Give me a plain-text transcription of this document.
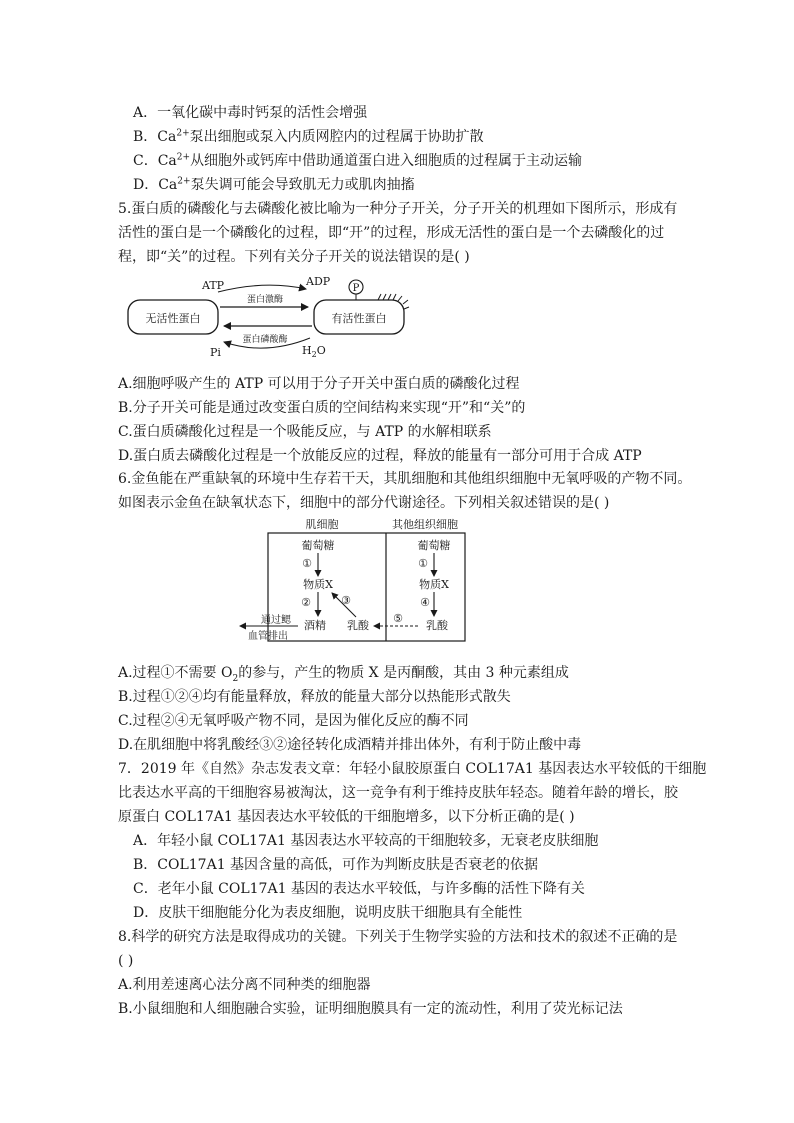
A．一氧化碳中毒时钙泵的活性会增强
B．$Ca^{2+}$泵出细胞或泵入内质网腔内的过程属于协助扩散
C．$Ca^{2+}$从细胞外或钙库中借助通道蛋白进入细胞质的过程属于主动运输
D．$Ca^{2+}$泵失调可能会导致肌无力或肌肉抽搐
5.蛋白质的磷酸化与去磷酸化被比喻为一种分子开关，分子开关的机理如下图所示，形成有
活性的蛋白是一个磷酸化的过程，即“开”的过程，形成无活性的蛋白是一个去磷酸化的过
程，即“关”的过程。下列有关分子开关的说法错误的是( )
无活性蛋白	有活性蛋白
P
ATP	ADP
蛋白激酶
蛋白磷酸酶
Pi	$H_2O$
A.细胞呼吸产生的 ATP 可以用于分子开关中蛋白质的磷酸化过程
B.分子开关可能是通过改变蛋白质的空间结构来实现“开”和“关”的
C.蛋白质磷酸化过程是一个吸能反应，与 ATP 的水解相联系
D.蛋白质去磷酸化过程是一个放能反应的过程，释放的能量有一部分可用于合成 ATP
6.金鱼能在严重缺氧的环境中生存若干天，其肌细胞和其他组织细胞中无氧呼吸的产物不同。
如图表示金鱼在缺氧状态下，细胞中的部分代谢途径。下列相关叙述错误的是( )
肌细胞	其他组织细胞
葡萄糖
①
物质X
②
酒精
③
乳酸
通过鳃
血管排出
葡萄糖
①
物质X
④
乳酸
⑤
A.过程①不需要 $O_2$的参与，产生的物质 X 是丙酮酸，其由 3 种元素组成
B.过程①②④均有能量释放，释放的能量大部分以热能形式散失
C.过程②④无氧呼吸产物不同，是因为催化反应的酶不同
D.在肌细胞中将乳酸经③②途径转化成酒精并排出体外，有利于防止酸中毒
7．2019 年《自然》杂志发表文章：年轻小鼠胶原蛋白 COL17A1 基因表达水平较低的干细胞
比表达水平高的干细胞容易被淘汰，这一竞争有利于维持皮肤年轻态。随着年龄的增长，胶
原蛋白 COL17A1 基因表达水平较低的干细胞增多，以下分析正确的是( )
A．年轻小鼠 COL17A1 基因表达水平较高的干细胞较多，无衰老皮肤细胞
B．COL17A1 基因含量的高低，可作为判断皮肤是否衰老的依据
C．老年小鼠 COL17A1 基因的表达水平较低，与许多酶的活性下降有关
D．皮肤干细胞能分化为表皮细胞，说明皮肤干细胞具有全能性
8.科学的研究方法是取得成功的关键。下列关于生物学实验的方法和技术的叙述不正确的是
( )
A.利用差速离心法分离不同种类的细胞器
B.小鼠细胞和人细胞融合实验，证明细胞膜具有一定的流动性，利用了荧光标记法
